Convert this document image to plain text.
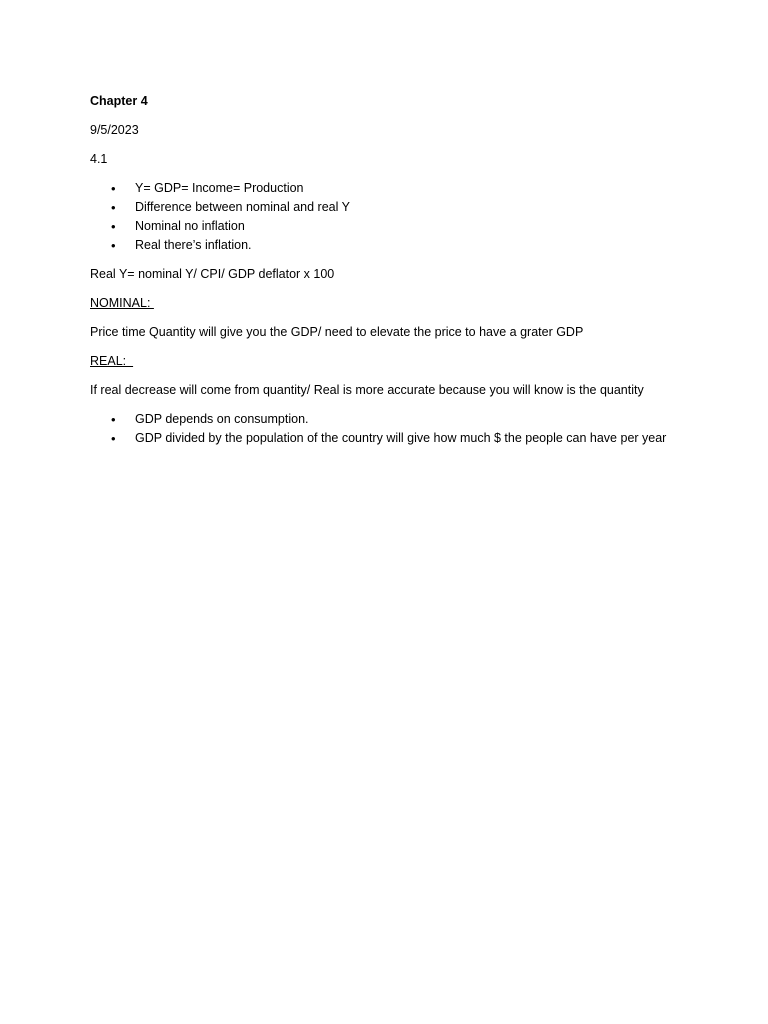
Chapter 4

9/5/2023

4.1

• Y= GDP= Income= Production
• Difference between nominal and real Y
• Nominal no inflation
• Real there’s inflation.

Real Y= nominal Y/ CPI/ GDP deflator x 100

NOMINAL:

Price time Quantity will give you the GDP/ need to elevate the price to have a grater GDP

REAL:

If real decrease will come from quantity/ Real is more accurate because you will know is the quantity

• GDP depends on consumption.
• GDP divided by the population of the country will give how much $ the people can have per year
